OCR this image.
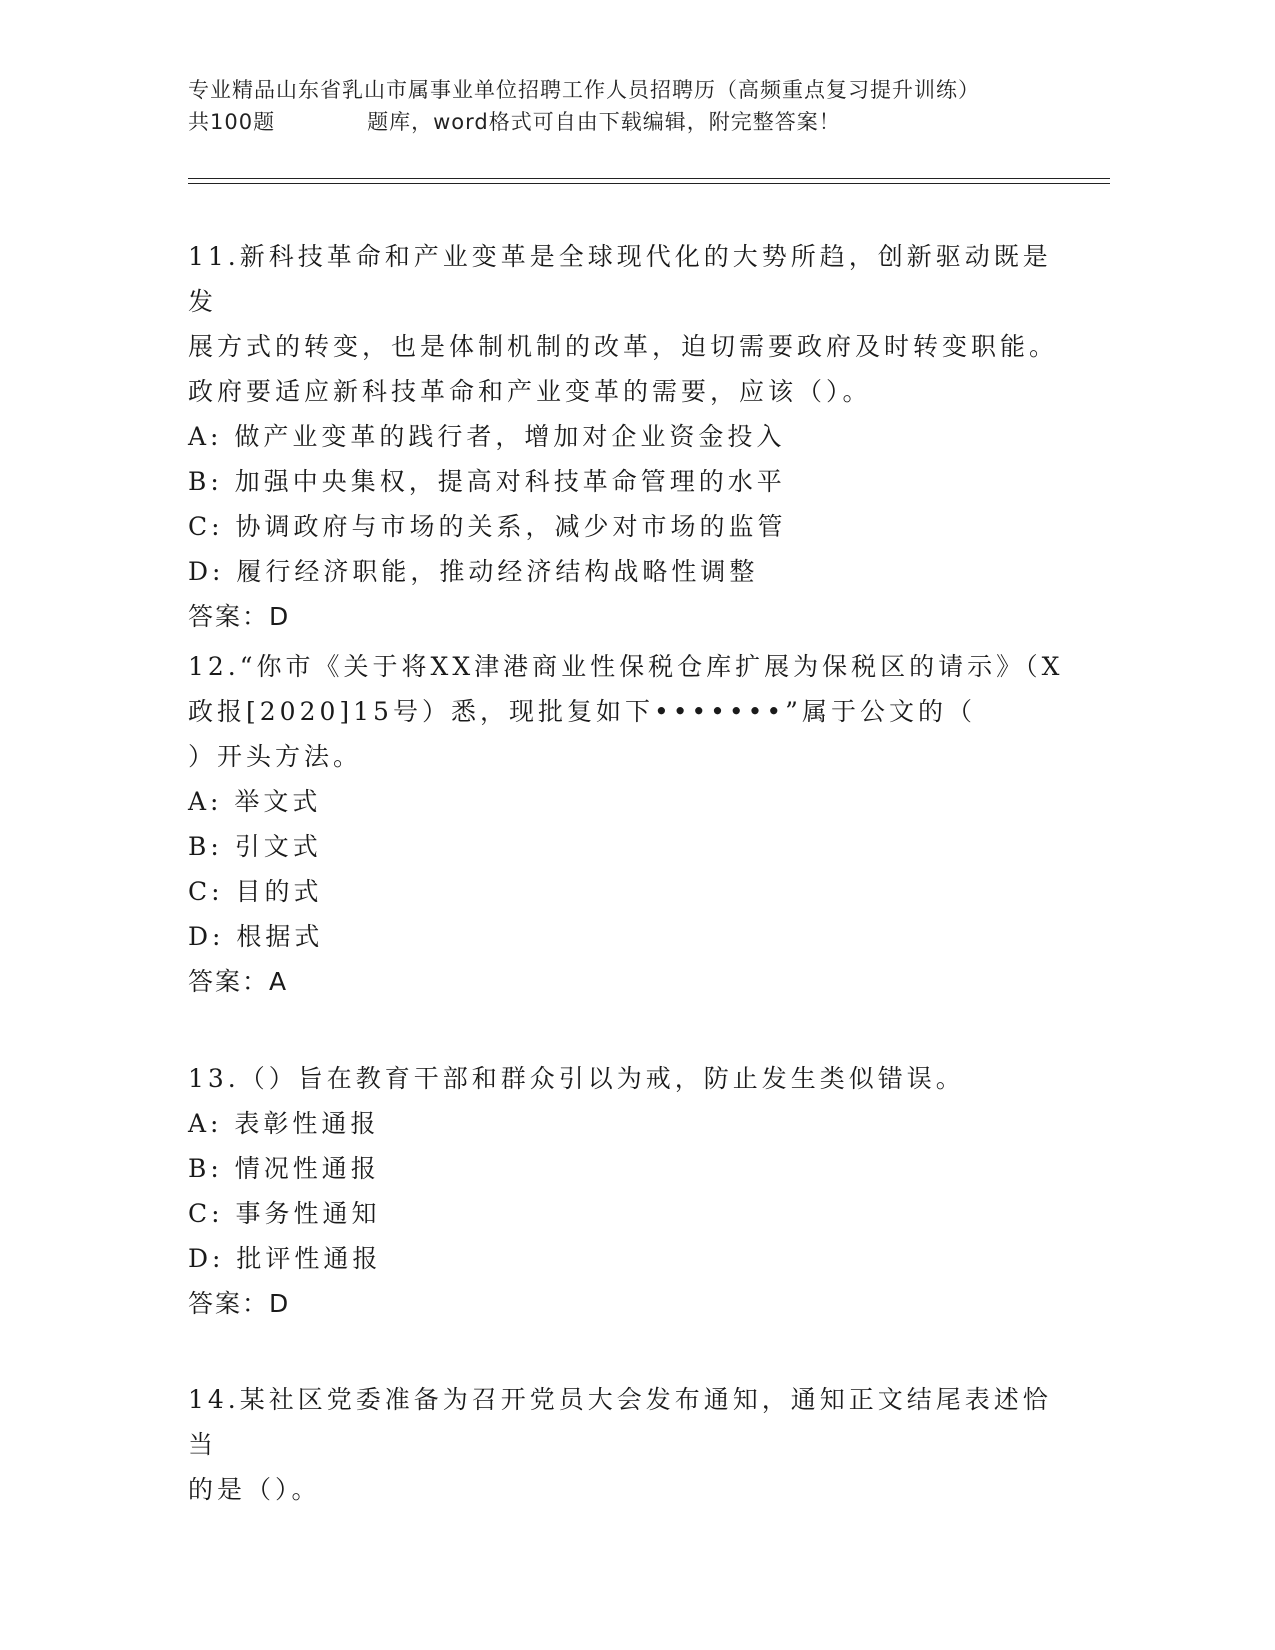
专业精品山东省乳山市属事业单位招聘工作人员招聘历（高频重点复习提升训练）
共100题	题库，word格式可自由下载编辑，附完整答案！
11.新科技革命和产业变革是全球现代化的大势所趋，创新驱动既是发
展方式的转变，也是体制机制的改革，迫切需要政府及时转变职能。
政府要适应新科技革命和产业变革的需要，应该（）。
A: 做产业变革的践行者，增加对企业资金投入
B: 加强中央集权，提高对科技革命管理的水平
C: 协调政府与市场的关系，减少对市场的监管
D: 履行经济职能，推动经济结构战略性调整
答案：D
12.“你市《关于将XX津港商业性保税仓库扩展为保税区的请示》（X
政报[2020]15号）悉，现批复如下•••••••”属于公文的（
）开头方法。
A: 举文式
B: 引文式
C: 目的式
D: 根据式
答案：A
13.（）旨在教育干部和群众引以为戒，防止发生类似错误。
A: 表彰性通报
B: 情况性通报
C: 事务性通知
D: 批评性通报
答案：D
14.某社区党委准备为召开党员大会发布通知，通知正文结尾表述恰当
的是（）。
